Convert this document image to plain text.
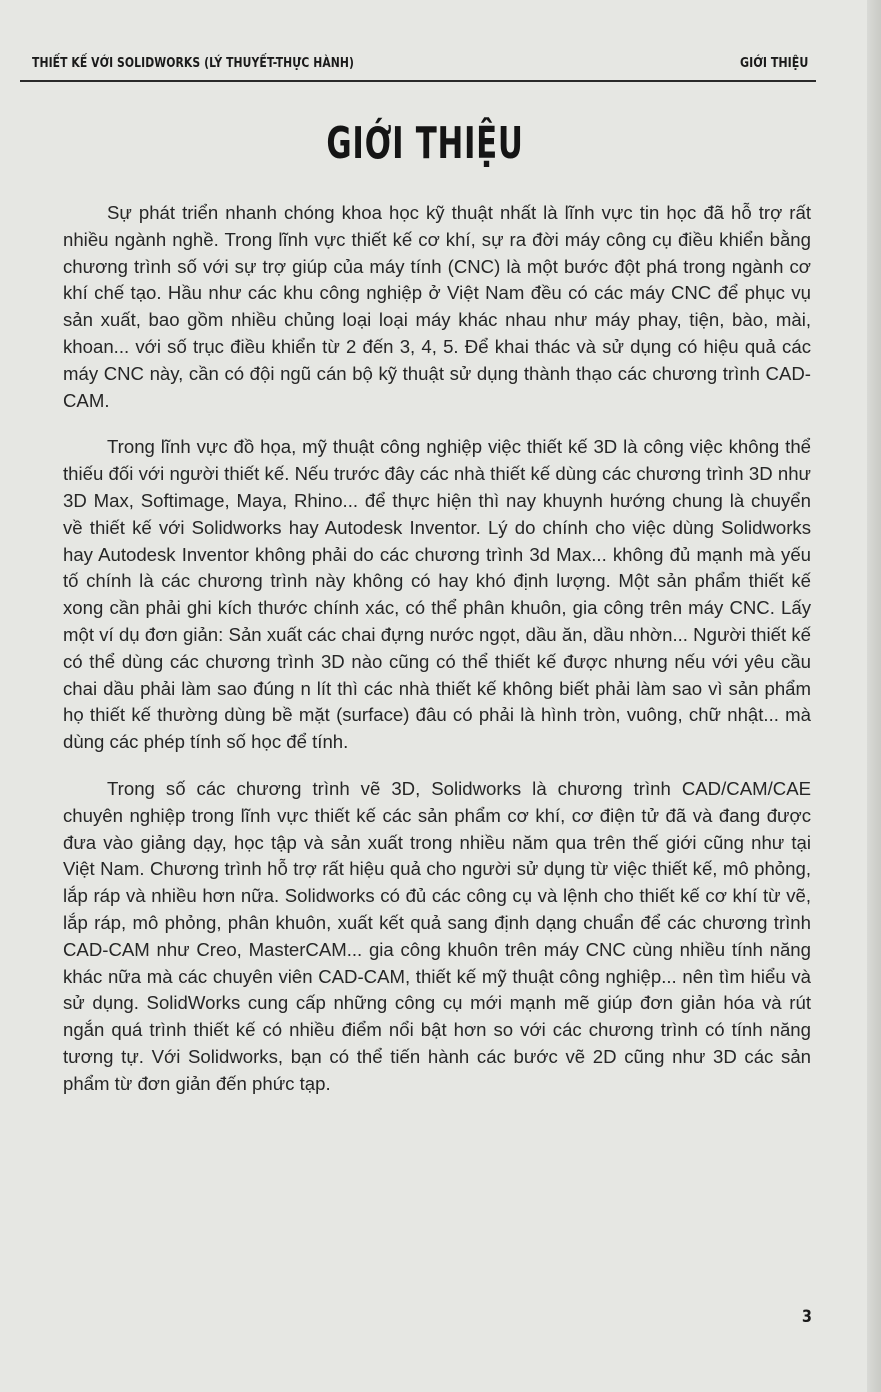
THIẾT KẾ VỚI SOLIDWORKS (LÝ THUYẾT-THỰC HÀNH)	GIỚI THIỆU
GIỚI THIỆU

Sự phát triển nhanh chóng khoa học kỹ thuật nhất là lĩnh vực tin học đã hỗ trợ rất nhiều ngành nghề. Trong lĩnh vực thiết kế cơ khí, sự ra đời máy công cụ điều khiển bằng chương trình số với sự trợ giúp của máy tính (CNC) là một bước đột phá trong ngành cơ khí chế tạo. Hầu như các khu công nghiệp ở Việt Nam đều có các máy CNC để phục vụ sản xuất, bao gồm nhiều chủng loại loại máy khác nhau như máy phay, tiện, bào, mài, khoan... với số trục điều khiển từ 2 đến 3, 4, 5. Để khai thác và sử dụng có hiệu quả các máy CNC này, cần có đội ngũ cán bộ kỹ thuật sử dụng thành thạo các chương trình CAD-CAM.

Trong lĩnh vực đồ họa, mỹ thuật công nghiệp việc thiết kế 3D là công việc không thể thiếu đối với người thiết kế. Nếu trước đây các nhà thiết kế dùng các chương trình 3D như 3D Max, Softimage, Maya, Rhino... để thực hiện thì nay khuynh hướng chung là chuyển về thiết kế với Solidworks hay Autodesk Inventor. Lý do chính cho việc dùng Solidworks hay Autodesk Inventor không phải do các chương trình 3d Max... không đủ mạnh mà yếu tố chính là các chương trình này không có hay khó định lượng. Một sản phẩm thiết kế xong cần phải ghi kích thước chính xác, có thể phân khuôn, gia công trên máy CNC. Lấy một ví dụ đơn giản: Sản xuất các chai đựng nước ngọt, dầu ăn, dầu nhờn... Người thiết kế có thể dùng các chương trình 3D nào cũng có thể thiết kế được nhưng nếu với yêu cầu chai dầu phải làm sao đúng n lít thì các nhà thiết kế không biết phải làm sao vì sản phẩm họ thiết kế thường dùng bề mặt (surface) đâu có phải là hình tròn, vuông, chữ nhật... mà dùng các phép tính số học để tính.

Trong số các chương trình vẽ 3D, Solidworks là chương trình CAD/CAM/CAE chuyên nghiệp trong lĩnh vực thiết kế các sản phẩm cơ khí, cơ điện tử đã và đang được đưa vào giảng dạy, học tập và sản xuất trong nhiều năm qua trên thế giới cũng như tại Việt Nam. Chương trình hỗ trợ rất hiệu quả cho người sử dụng từ việc thiết kế, mô phỏng, lắp ráp và nhiều hơn nữa. Solidworks có đủ các công cụ và lệnh cho thiết kế cơ khí từ vẽ, lắp ráp, mô phỏng, phân khuôn, xuất kết quả sang định dạng chuẩn để các chương trình CAD-CAM như Creo, MasterCAM... gia công khuôn trên máy CNC cùng nhiều tính năng khác nữa mà các chuyên viên CAD-CAM, thiết kế mỹ thuật công nghiệp... nên tìm hiểu và sử dụng. SolidWorks cung cấp những công cụ mới mạnh mẽ giúp đơn giản hóa và rút ngắn quá trình thiết kế có nhiều điểm nổi bật hơn so với các chương trình có tính năng tương tự. Với Solidworks, bạn có thể tiến hành các bước vẽ 2D cũng như 3D các sản phẩm từ đơn giản đến phức tạp.

3
